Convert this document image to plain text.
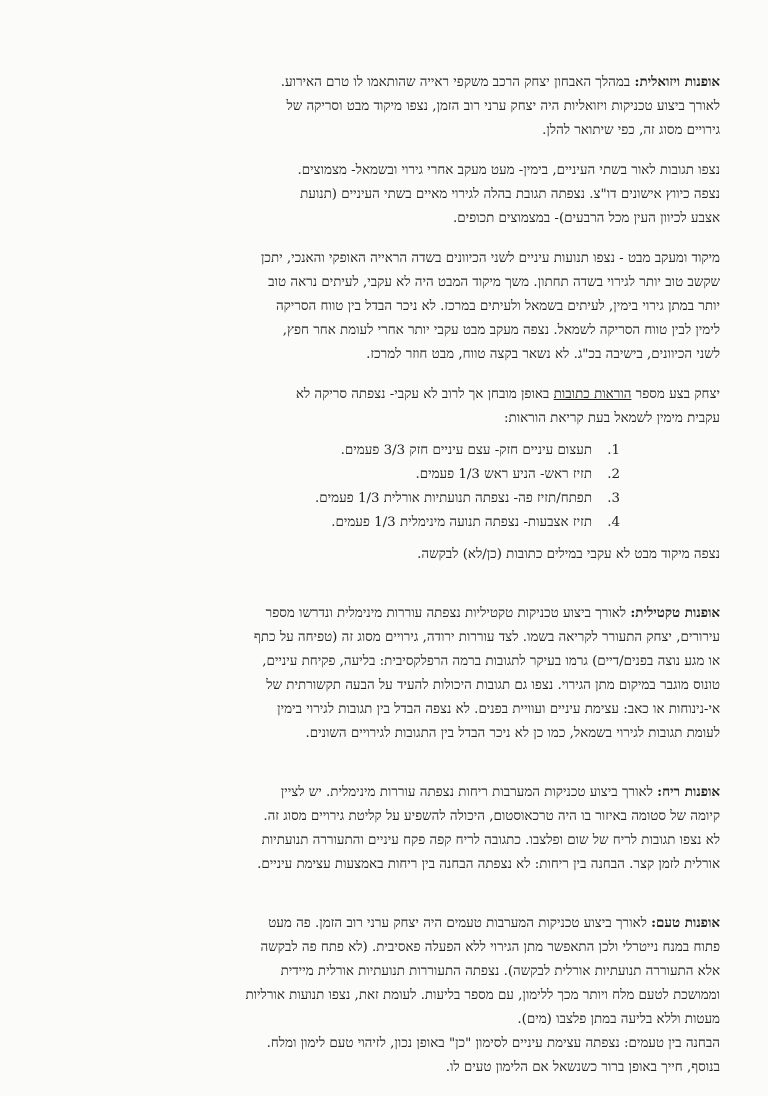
אופנות ויזואלית: במהלך האבחון יצחק הרכב משקפי ראייה שהותאמו לו טרם האירוע.
לאורך ביצוע טכניקות ויזואליות היה יצחק ערני רוב הזמן, נצפו מיקוד מבט וסריקה של
גירויים מסוג זה, כפי שיתואר להלן.

נצפו תגובות לאור בשתי העיניים, בימין- מעט מעקב אחרי גירוי ובשמאל- מצמוצים.
נצפה כיווץ אישונים דו"צ. נצפתה תגובת בהלה לגירוי מאיים בשתי העיניים (תנועת
אצבע לכיוון העין מכל הרבעים)- במצמוצים תכופים.

מיקוד ומעקב מבט - נצפו תנועות עיניים לשני הכיוונים בשדה הראייה האופקי והאנכי, יתכן
שקשב טוב יותר לגירוי בשדה תחתון. משך מיקוד המבט היה לא עקבי, לעיתים נראה טוב
יותר במתן גירוי בימין, לעיתים בשמאל ולעיתים במרכז. לא ניכר הבדל בין טווח הסריקה
לימין לבין טווח הסריקה לשמאל. נצפה מעקב מבט עקבי יותר אחרי לעומת אחר חפץ,
לשני הכיוונים, בישיבה בכ"ג. לא נשאר בקצה טווח, מבט חוזר למרכז.

יצחק בצע מספר הוראות כתובות באופן מובחן אך לרוב לא עקבי- נצפתה סריקה לא
עקבית מימין לשמאל בעת קריאת הוראות:

1.
תעצום עיניים חזק- עצם עיניים חזק 3/3 פעמים.
2.
תזיז ראש- הניע ראש 1/3 פעמים.
3.
תפתח/תזיז פה- נצפתה תנועתיות אורלית 1/3 פעמים.
4.
תזיז אצבעות- נצפתה תנועה מינימלית 1/3 פעמים.

נצפה מיקוד מבט לא עקבי במילים כתובות (כן/לא) לבקשה.

אופנות טקטילית: לאורך ביצוע טכניקות טקטיליות נצפתה עוררות מינימלית ונדרשו מספר
עירורים, יצחק התעורר לקריאה בשמו. לצד עוררות ירודה, גירויים מסוג זה (טפיחה על כתף
או מגע נוצה בפנים/דיים) גרמו בעיקר לתגובות ברמה הרפלקסיבית: בליעה, פקיחת עיניים,
טונוס מוגבר במיקום מתן הגירוי. נצפו גם תגובות היכולות להעיד על הבעה תקשורתית של
אי-נינוחות או כאב: עצימת עיניים ועוויית בפנים. לא נצפה הבדל בין תגובות לגירוי בימין
לעומת תגובות לגירוי בשמאל, כמו כן לא ניכר הבדל בין התגובות לגירויים השונים.

אופנות ריח: לאורך ביצוע טכניקות המערבות ריחות נצפתה עוררות מינימלית. יש לציין
קיומה של סטומה באיזור בו היה טרכאוסטום, היכולה להשפיע על קליטת גירויים מסוג זה.
לא נצפו תגובות לריח של שום ופלצבו. כתגובה לריח קפה פקח עיניים והתעוררה תנועתיות
אורלית לזמן קצר. הבחנה בין ריחות: לא נצפתה הבחנה בין ריחות באמצעות עצימת עיניים.

אופנות טעם: לאורך ביצוע טכניקות המערבות טעמים היה יצחק ערני רוב הזמן. פה מעט
פתוח במנח נייטרלי ולכן התאפשר מתן הגירוי ללא הפעלה פאסיבית. (לא פתח פה לבקשה
אלא התעוררה תנועתיות אורלית לבקשה). נצפתה התעוררות תנועתיות אורלית מיידית
וממושכת לטעם מלח ויותר מכך ללימון, עם מספר בליעות. לעומת זאת, נצפו תנועות אורליות
מעטות וללא בליעה במתן פלצבו (מים).
הבחנה בין טעמים: נצפתה עצימת עיניים לסימון "כן" באופן נכון, לזיהוי טעם לימון ומלח.
בנוסף, חייך באופן ברור כשנשאל אם הלימון טעים לו.
